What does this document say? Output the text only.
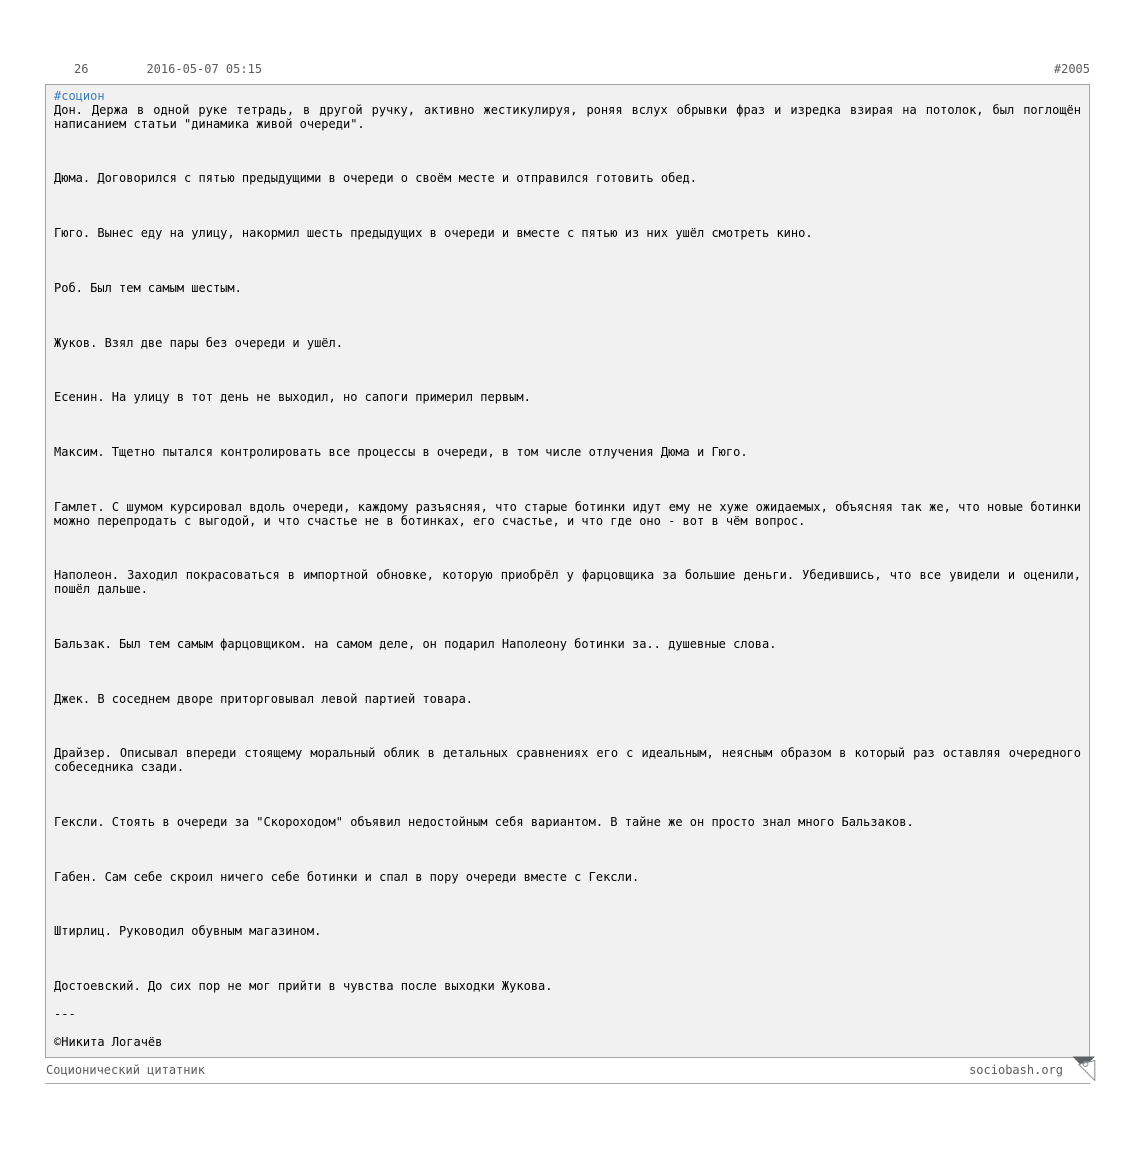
26	2016-05-07 05:15	#2005
#социон

Дон. Держа в одной руке тетрадь, в другой ручку, активно жестикулируя, роняя вслух обрывки фраз и изредка взирая на потолок, был поглощён написанием статьи "динамика живой очереди".

Дюма. Договорился с пятью предыдущими в очереди о своём месте и отправился готовить обед.

Гюго. Вынес еду на улицу, накормил шесть предыдущих в очереди и вместе с пятью из них ушёл смотреть кино.

Роб. Был тем самым шестым.

Жуков. Взял две пары без очереди и ушёл.

Есенин. На улицу в тот день не выходил, но сапоги примерил первым.

Максим. Тщетно пытался контролировать все процессы в очереди, в том числе отлучения Дюма и Гюго.

Гамлет. С шумом курсировал вдоль очереди, каждому разъясняя, что старые ботинки идут ему не хуже ожидаемых, объясняя так же, что новые ботинки можно перепродать с выгодой, и что счастье не в ботинках, его счастье, и что где оно - вот в чём вопрос.

Наполеон. Заходил покрасоваться в импортной обновке, которую приобрёл у фарцовщика за большие деньги. Убедившись, что все увидели и оценили, пошёл дальше.

Бальзак. Был тем самым фарцовщиком. на самом деле, он подарил Наполеону ботинки за.. душевные слова.

Джек. В соседнем дворе приторговывал левой партией товара.

Драйзер. Описывал впереди стоящему моральный облик в детальных сравнениях его с идеальным, неясным образом в который раз оставляя очередного собеседника сзади.

Гексли. Стоять в очереди за "Скороходом" объявил недостойным себя вариантом. В тайне же он просто знал много Бальзаков.

Габен. Сам себе скроил ничего себе ботинки и спал в пору очереди вместе с Гексли.

Штирлиц. Руководил обувным магазином.

Достоевский. До сих пор не мог прийти в чувства после выходки Жукова.

---

©Никита Логачёв

Соционический цитатник	sociobash.org
